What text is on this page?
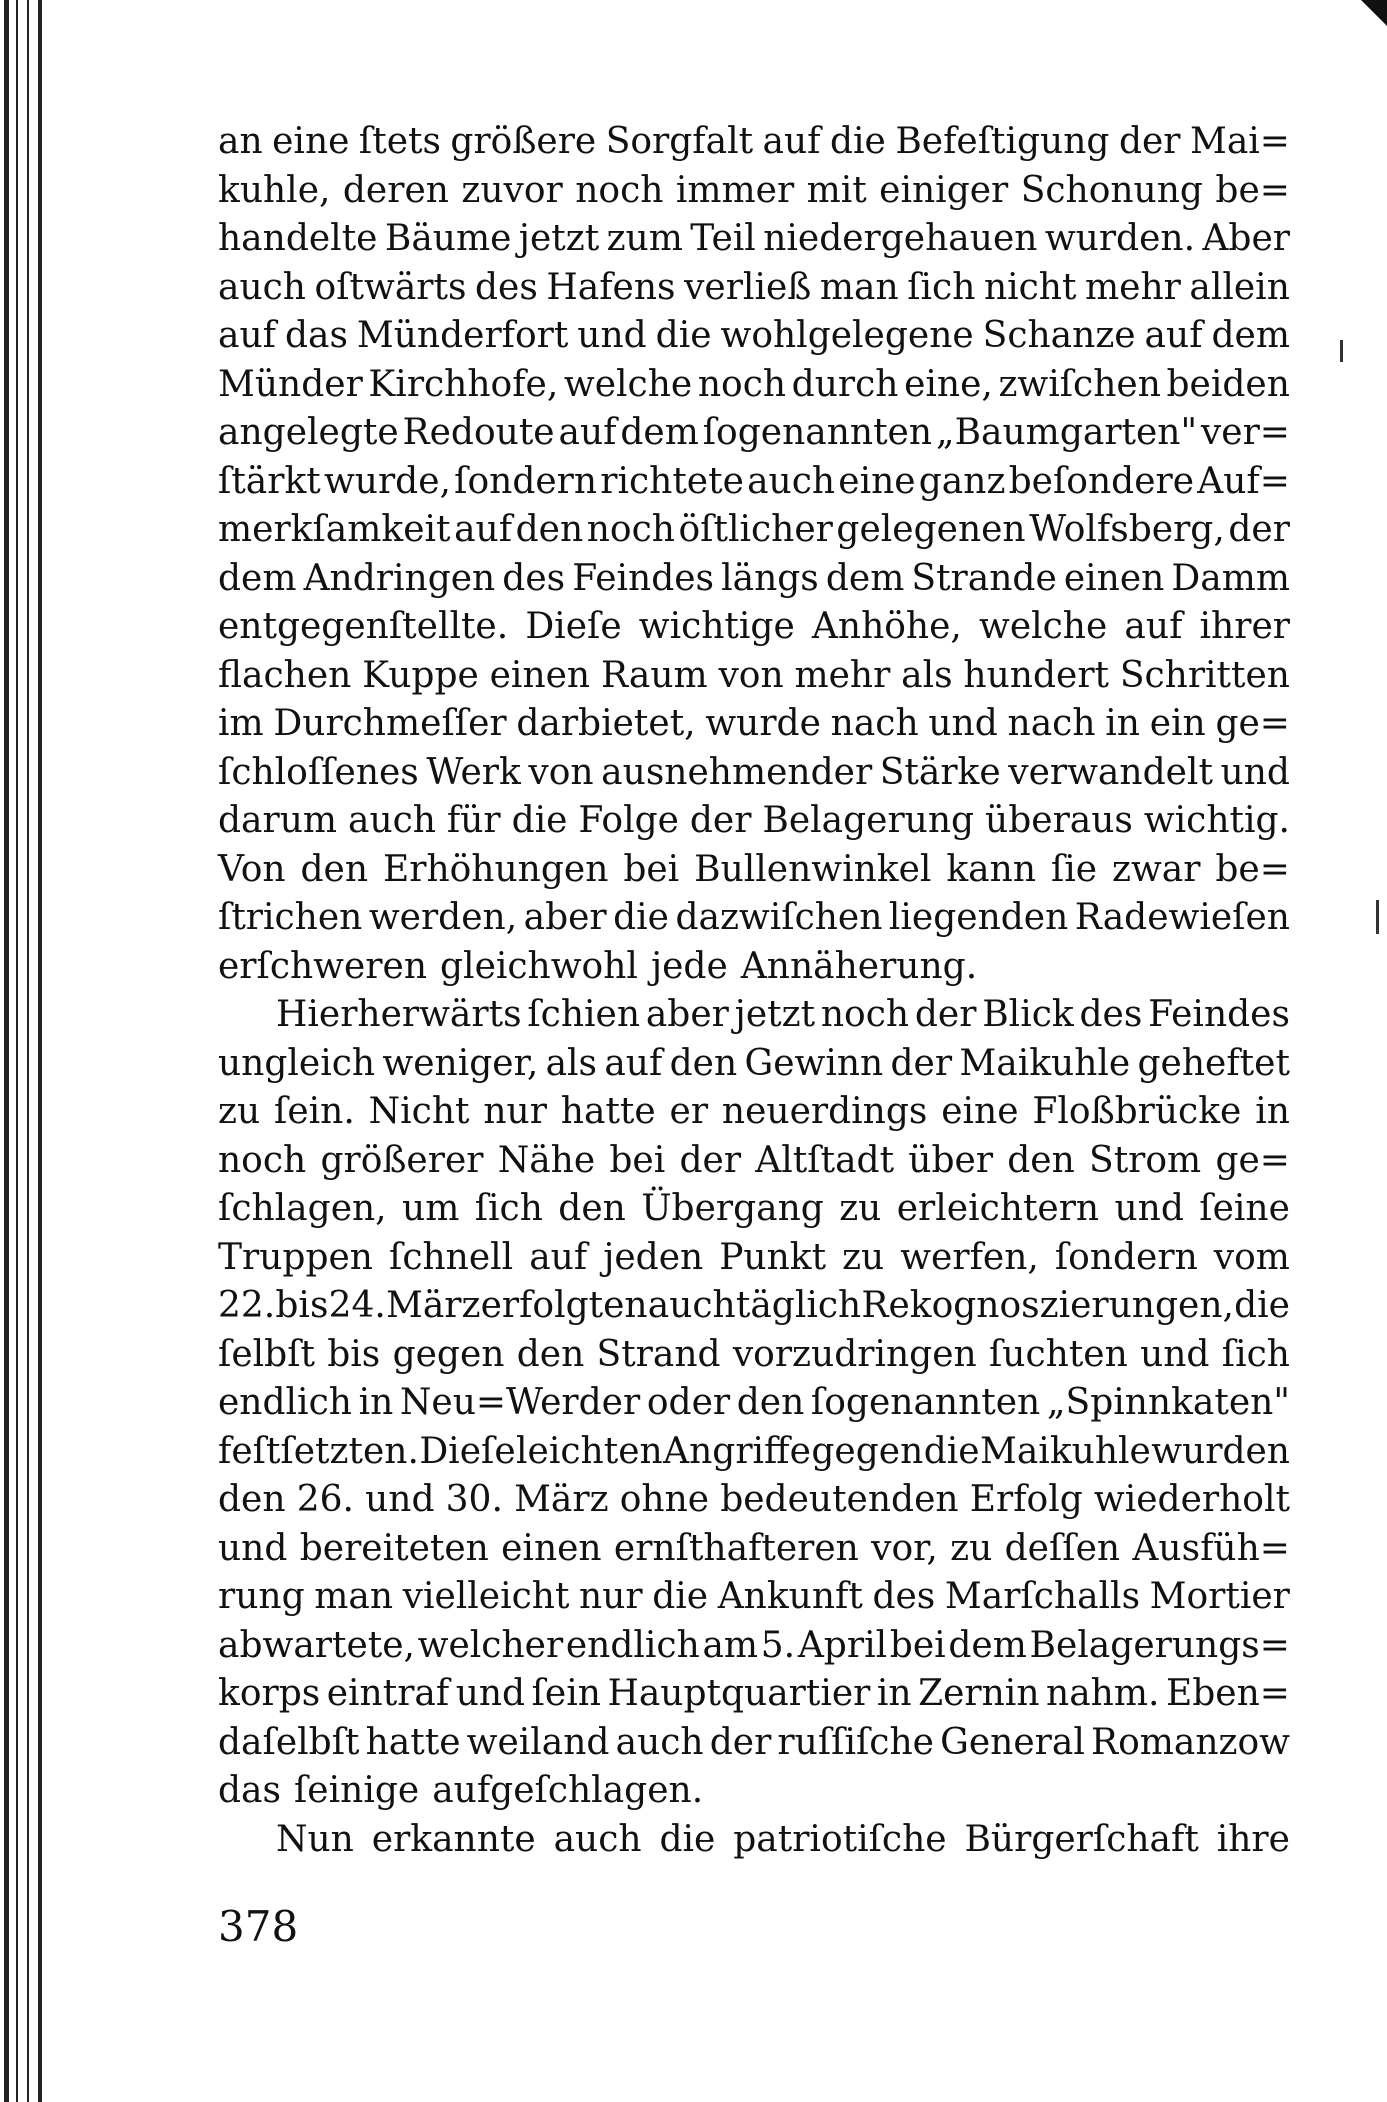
an eine ſtets größere Sorgfalt auf die Befeſtigung der Mai=
kuhle, deren zuvor noch immer mit einiger Schonung be=
handelte Bäume jetzt zum Teil niedergehauen wurden. Aber
auch oſtwärts des Hafens verließ man ſich nicht mehr allein
auf das Münderfort und die wohlgelegene Schanze auf dem
Münder Kirchhofe, welche noch durch eine, zwiſchen beiden
angelegte Redoute auf dem ſogenannten „Baumgarten" ver=
ſtärkt wurde, ſondern richtete auch eine ganz beſondere Auf=
merkſamkeit auf den noch öſtlicher gelegenen Wolfsberg, der
dem Andringen des Feindes längs dem Strande einen Damm
entgegenſtellte. Dieſe wichtige Anhöhe, welche auf ihrer
flachen Kuppe einen Raum von mehr als hundert Schritten
im Durchmeſſer darbietet, wurde nach und nach in ein ge=
ſchloſſenes Werk von ausnehmender Stärke verwandelt und
darum auch für die Folge der Belagerung überaus wichtig.
Von den Erhöhungen bei Bullenwinkel kann ſie zwar be=
ſtrichen werden, aber die dazwiſchen liegenden Radewieſen
erſchweren gleichwohl jede Annäherung.
Hierherwärts ſchien aber jetzt noch der Blick des Feindes
ungleich weniger, als auf den Gewinn der Maikuhle geheftet
zu ſein. Nicht nur hatte er neuerdings eine Floßbrücke in
noch größerer Nähe bei der Altſtadt über den Strom ge=
ſchlagen, um ſich den Übergang zu erleichtern und ſeine
Truppen ſchnell auf jeden Punkt zu werfen, ſondern vom
22. bis 24. März erfolgten auch täglich Rekognoszierungen, die
ſelbſt bis gegen den Strand vorzudringen ſuchten und ſich
endlich in Neu=Werder oder den ſogenannten „Spinnkaten"
feſtſetzten. Dieſe leichten Angriffe gegen die Maikuhle wurden
den 26. und 30. März ohne bedeutenden Erfolg wiederholt
und bereiteten einen ernſthafteren vor, zu deſſen Ausfüh=
rung man vielleicht nur die Ankunft des Marſchalls Mortier
abwartete, welcher endlich am 5. April bei dem Belagerungs=
korps eintraf und ſein Hauptquartier in Zernin nahm. Eben=
daſelbſt hatte weiland auch der ruſſiſche General Romanzow
das ſeinige aufgeſchlagen.
Nun erkannte auch die patriotiſche Bürgerſchaft ihre
378
